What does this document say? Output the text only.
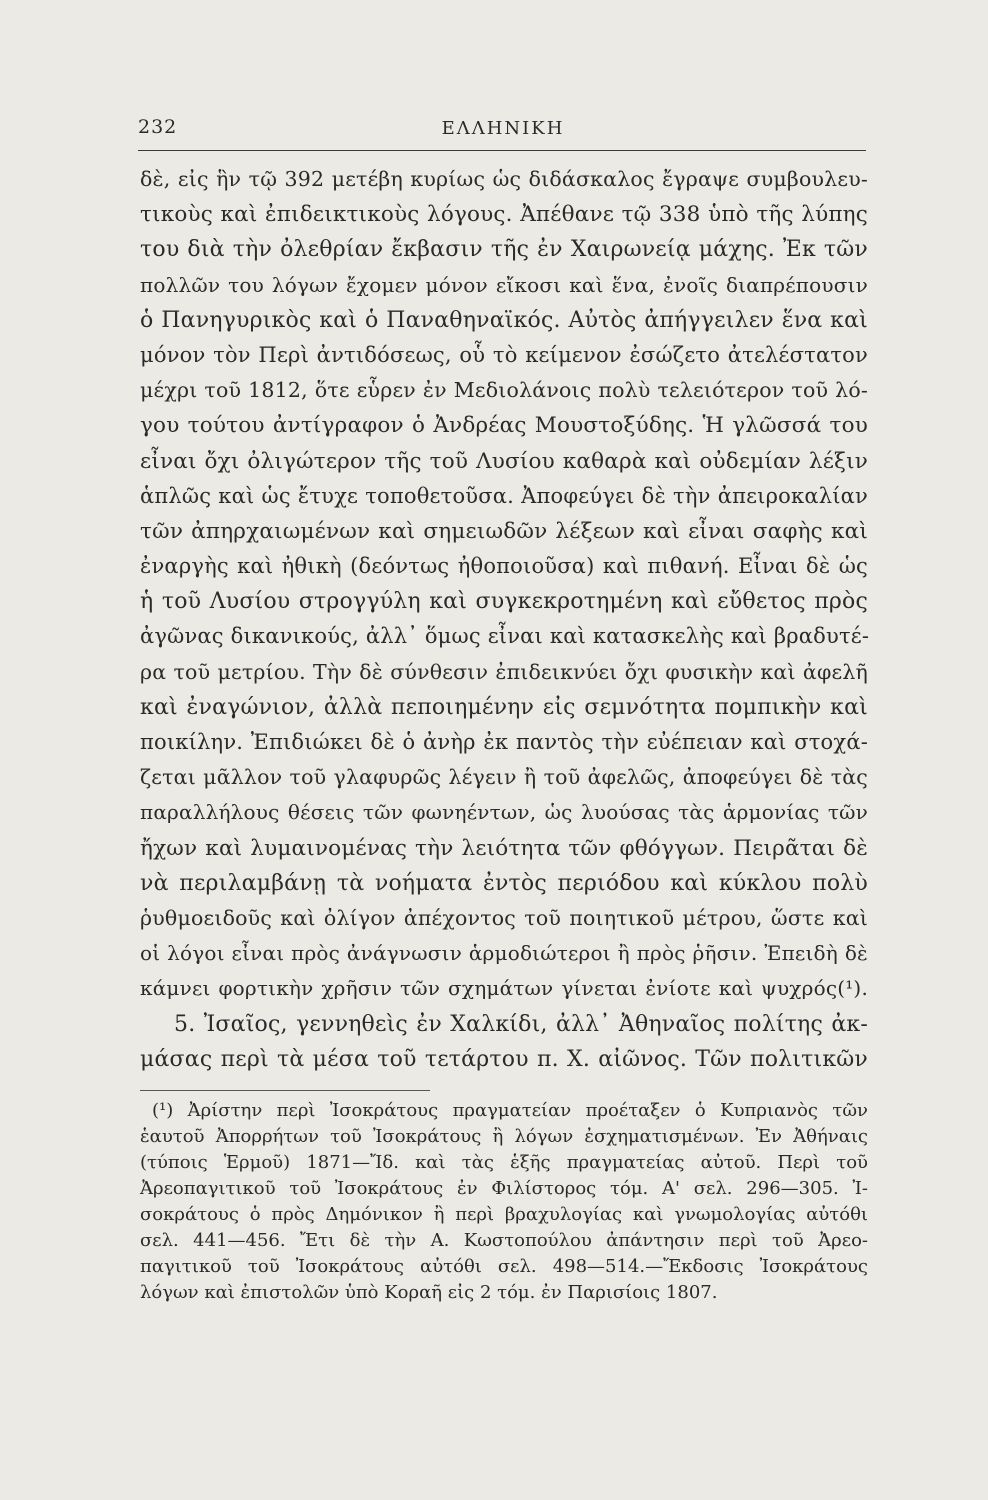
232	ΕΛΛΗΝΙΚΗ
δὲ, εἰς ἣν τῷ 392 μετέβη κυρίως ὡς διδάσκαλος ἔγραψε συμβουλευ-
τικοὺς καὶ ἐπιδεικτικοὺς λόγους. Ἀπέθανε τῷ 338 ὑπὸ τῆς λύπης
του διὰ τὴν ὀλεθρίαν ἔκβασιν τῆς ἐν Χαιρωνείᾳ μάχης. Ἐκ τῶν
πολλῶν του λόγων ἔχομεν μόνον εἴκοσι καὶ ἕνα, ἐνοῖς διαπρέπουσιν
ὁ Πανηγυρικὸς καὶ ὁ Παναθηναϊκός. Αὐτὸς ἀπήγγειλεν ἕνα καὶ
μόνον τὸν Περὶ ἀντιδόσεως, οὗ τὸ κείμενον ἐσώζετο ἀτελέστατον
μέχρι τοῦ 1812, ὅτε εὗρεν ἐν Μεδιολάνοις πολὺ τελειότερον τοῦ λό-
γου τούτου ἀντίγραφον ὁ Ἀνδρέας Μουστοξύδης. Ἡ γλῶσσά του
εἶναι ὄχι ὀλιγώτερον τῆς τοῦ Λυσίου καθαρὰ καὶ οὐδεμίαν λέξιν
ἁπλῶς καὶ ὡς ἔτυχε τοποθετοῦσα. Ἀποφεύγει δὲ τὴν ἀπειροκαλίαν
τῶν ἀπηρχαιωμένων καὶ σημειωδῶν λέξεων καὶ εἶναι σαφὴς καὶ
ἐναργὴς καὶ ἠθικὴ (δεόντως ἠθοποιοῦσα) καὶ πιθανή. Εἶναι δὲ ὡς
ἡ τοῦ Λυσίου στρογγύλη καὶ συγκεκροτημένη καὶ εὔθετος πρὸς
ἀγῶνας δικανικούς, ἀλλ᾽ ὅμως εἶναι καὶ κατασκελὴς καὶ βραδυτέ-
ρα τοῦ μετρίου. Τὴν δὲ σύνθεσιν ἐπιδεικνύει ὄχι φυσικὴν καὶ ἀφελῆ
καὶ ἐναγώνιον, ἀλλὰ πεποιημένην εἰς σεμνότητα πομπικὴν καὶ
ποικίλην. Ἐπιδιώκει δὲ ὁ ἀνὴρ ἐκ παντὸς τὴν εὐέπειαν καὶ στοχά-
ζεται μᾶλλον τοῦ γλαφυρῶς λέγειν ἢ τοῦ ἀφελῶς, ἀποφεύγει δὲ τὰς
παραλλήλους θέσεις τῶν φωνηέντων, ὡς λυούσας τὰς ἁρμονίας τῶν
ἤχων καὶ λυμαινομένας τὴν λειότητα τῶν φθόγγων. Πειρᾶται δὲ
νὰ περιλαμβάνῃ τὰ νοήματα ἐντὸς περιόδου καὶ κύκλου πολὺ
ῥυθμοειδοῦς καὶ ὀλίγον ἀπέχοντος τοῦ ποιητικοῦ μέτρου, ὥστε καὶ
οἱ λόγοι εἶναι πρὸς ἀνάγνωσιν ἁρμοδιώτεροι ἢ πρὸς ῥῆσιν. Ἐπειδὴ δὲ
κάμνει φορτικὴν χρῆσιν τῶν σχημάτων γίνεται ἐνίοτε καὶ ψυχρός(¹).
5. Ἰσαῖος, γεννηθεὶς ἐν Χαλκίδι, ἀλλ᾽ Ἀθηναῖος πολίτης ἀκ-
μάσας περὶ τὰ μέσα τοῦ τετάρτου π. Χ. αἰῶνος. Τῶν πολιτικῶν
(¹) Ἀρίστην περὶ Ἰσοκράτους πραγματείαν προέταξεν ὁ Κυπριανὸς τῶν
ἑαυτοῦ Ἀπορρήτων τοῦ Ἰσοκράτους ἢ λόγων ἐσχηματισμένων. Ἐν Ἀθήναις
(τύποις Ἑρμοῦ) 1871—Ἴδ. καὶ τὰς ἑξῆς πραγματείας αὐτοῦ. Περὶ τοῦ
Ἀρεοπαγιτικοῦ τοῦ Ἰσοκράτους ἐν Φιλίστορος τόμ. Α' σελ. 296—305. Ἰ-
σοκράτους ὁ πρὸς Δημόνικον ἢ περὶ βραχυλογίας καὶ γνωμολογίας αὐτόθι
σελ. 441—456. Ἔτι δὲ τὴν Α. Κωστοπούλου ἀπάντησιν περὶ τοῦ Ἀρεο-
παγιτικοῦ τοῦ Ἰσοκράτους αὐτόθι σελ. 498—514.—Ἔκδοσις Ἰσοκράτους
λόγων καὶ ἐπιστολῶν ὑπὸ Κοραῆ εἰς 2 τόμ. ἐν Παρισίοις 1807.
